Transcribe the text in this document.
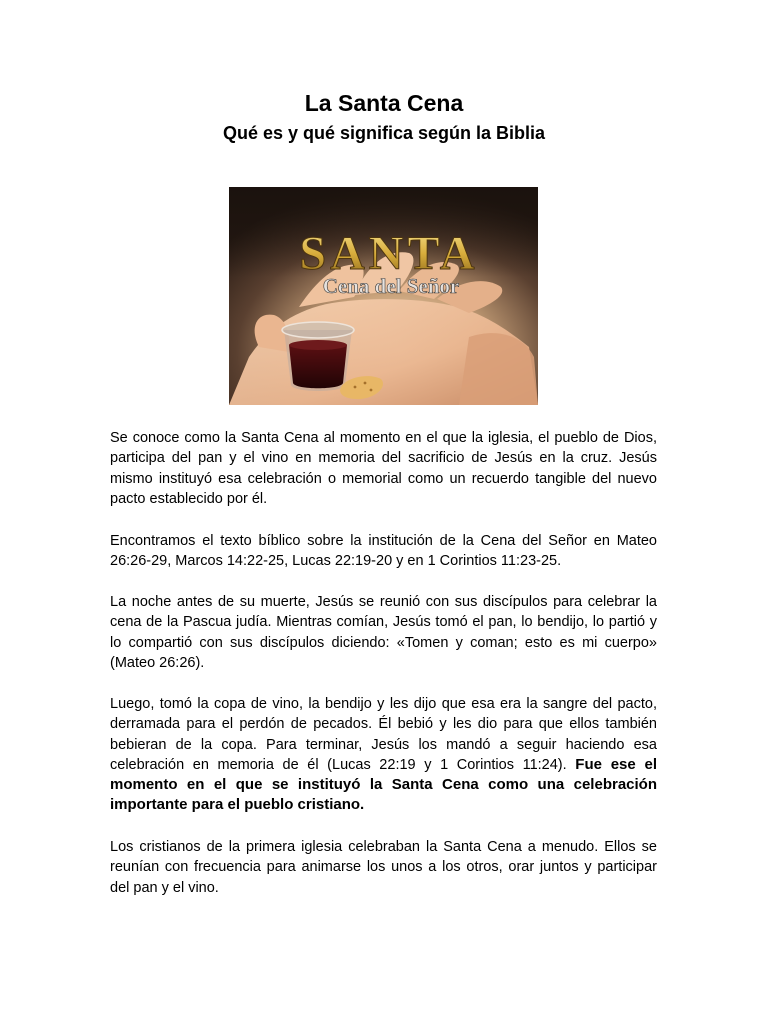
La Santa Cena
Qué es y qué significa según la Biblia
SANTA
Cena del Señor

Se conoce como la Santa Cena al momento en el que la iglesia, el pueblo de Dios, participa del pan y el vino en memoria del sacrificio de Jesús en la cruz. Jesús mismo instituyó esa celebración o memorial como un recuerdo tangible del nuevo pacto establecido por él.

Encontramos el texto bíblico sobre la institución de la Cena del Señor en Mateo 26:26-29, Marcos 14:22-25, Lucas 22:19-20 y en 1 Corintios 11:23-25.

La noche antes de su muerte, Jesús se reunió con sus discípulos para celebrar la cena de la Pascua judía. Mientras comían, Jesús tomó el pan, lo bendijo, lo partió y lo compartió con sus discípulos diciendo: «Tomen y coman; esto es mi cuerpo» (Mateo 26:26).

Luego, tomó la copa de vino, la bendijo y les dijo que esa era la sangre del pacto, derramada para el perdón de pecados. Él bebió y les dio para que ellos también bebieran de la copa. Para terminar, Jesús los mandó a seguir haciendo esa celebración en memoria de él (Lucas 22:19 y 1 Corintios 11:24). Fue ese el momento en el que se instituyó la Santa Cena como una celebración importante para el pueblo cristiano.

Los cristianos de la primera iglesia celebraban la Santa Cena a menudo. Ellos se reunían con frecuencia para animarse los unos a los otros, orar juntos y participar del pan y el vino.
